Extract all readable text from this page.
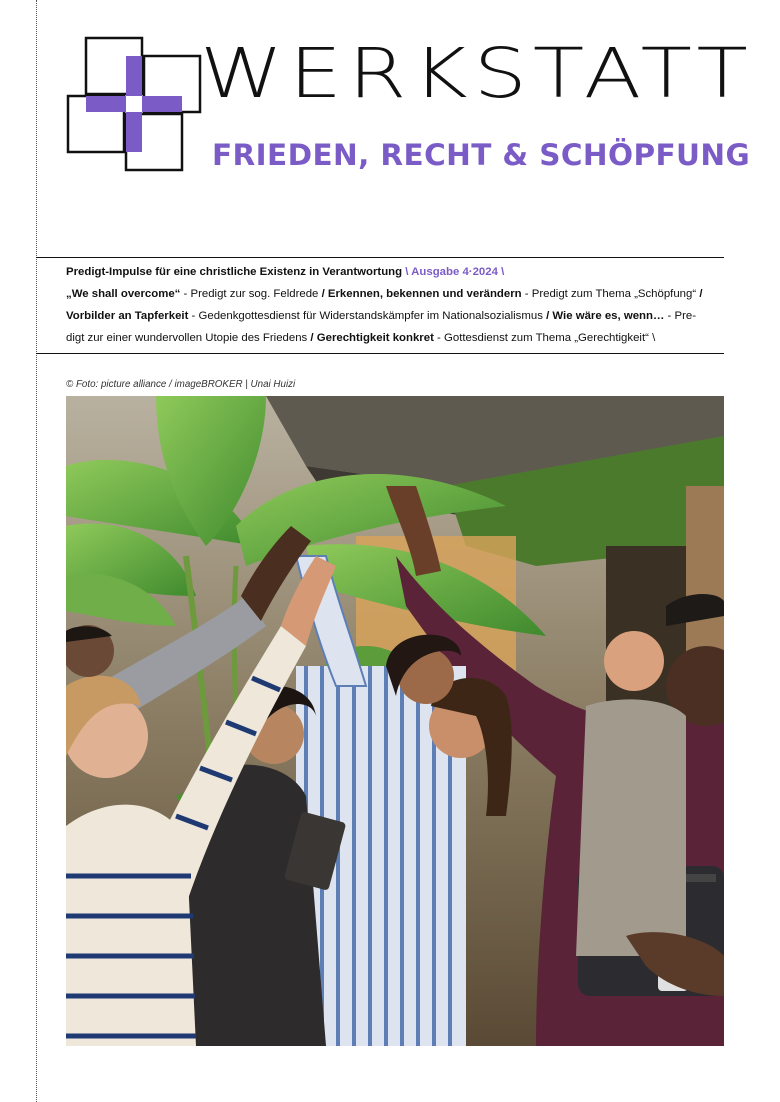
WERKSTATT
FRIEDEN, RECHT & SCHÖPFUNG
Predigt-Impulse für eine christliche Existenz in Verantwortung \ Ausgabe 4·2024 \
„We shall overcome“ - Predigt zur sog. Feldrede / Erkennen, bekennen und verändern - Predigt zum Thema „Schöpfung“ /
Vorbilder an Tapferkeit - Gedenkgottesdienst für Widerstandskämpfer im Nationalsozialismus / Wie wäre es, wenn… - Pre-
digt zur einer wundervollen Utopie des Friedens / Gerechtigkeit konkret - Gottesdienst zum Thema „Gerechtigkeit“ \
© Foto: picture alliance / imageBROKER | Unai Huizi
